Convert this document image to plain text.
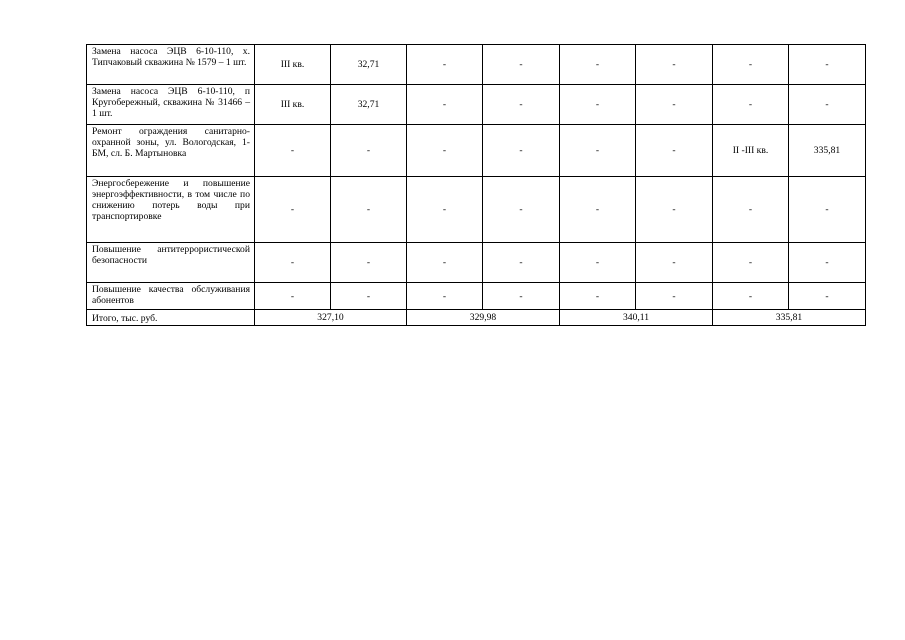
Замена насоса ЭЦВ 6-10-110, х. Типчаковый скважина № 1579 – 1 шт.	III кв.	32,71	-	-	-	-	-	-
Замена насоса ЭЦВ 6-10-110, п Кругобережный, скважина № 31466 – 1 шт.	III кв.	32,71	-	-	-	-	-	-
Ремонт ограждения санитарно-охранной зоны, ул. Вологодская, 1-БМ, сл. Б. Мартыновка	-	-	-	-	-	-	II -III кв.	335,81
Энергосбережение и повышение энергоэффективности, в том числе по снижению потерь воды при транспортировке	-	-	-	-	-	-	-	-
Повышение антитеррористической безопасности	-	-	-	-	-	-	-	-
Повышение качества обслуживания абонентов	-	-	-	-	-	-	-	-
Итого, тыс. руб.	327,10		329,98		340,11		335,81	
